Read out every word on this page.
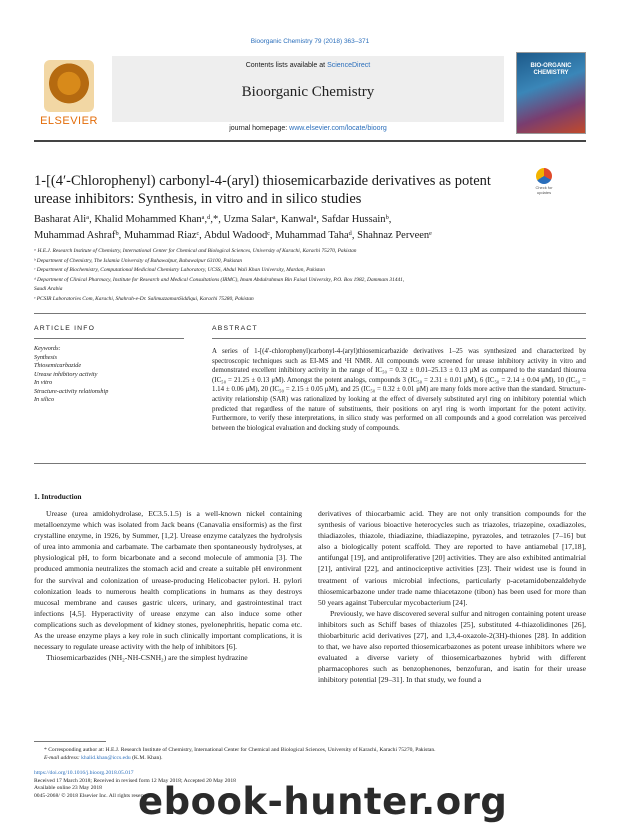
Bioorganic Chemistry 79 (2018) 363–371
ELSEVIER
Contents lists available at ScienceDirect
Bioorganic Chemistry
journal homepage: www.elsevier.com/locate/bioorg
BIO-ORGANIC CHEMISTRY
1-[(4′-Chlorophenyl) carbonyl-4-(aryl) thiosemicarbazide derivatives as potent urease inhibitors: Synthesis, in vitro and in silico studies
Check for updates
Basharat Aliᵃ, Khalid Mohammed Khanᵃ,ᵈ,*, Uzma Salarᵃ, Kanwalᵃ, Safdar Hussainᵇ,
Muhammad Ashrafᵇ, Muhammad Riazᶜ, Abdul Wadoodᶜ, Muhammad Tahaᵈ, Shahnaz Perveenᵉ
ᵃ H.E.J. Research Institute of Chemistry, International Center for Chemical and Biological Sciences, University of Karachi, Karachi 75270, Pakistan
ᵇ Department of Chemistry, The Islamia University of Bahawalpur, Bahawalpur 63100, Pakistan
ᶜ Department of Biochemistry, Computational Medicinal Chemistry Laboratory, UCSS, Abdul Wali Khan University, Mardan, Pakistan
ᵈ Department of Clinical Pharmacy, Institute for Research and Medical Consultations (IRMC), Imam Abdulrahman Bin Faisal University, P.O. Box 1982, Dammam 31441,
Saudi Arabia
ᵉ PCSIR Laboratories Com, Karachi, Shahrah-e-Dr. SalimuzzamanSiddiqui, Karachi 75280, Pakistan
ARTICLE INFO	ABSTRACT
Keywords:
Synthesis
Thiosemicarbazide
Urease inhibitory activity
In vitro
Structure-activity relationship
In silico
A series of 1-[(4′-chlorophenyl)carbonyl-4-(aryl)thiosemicarbazide derivatives 1–25 was synthesized and characterized by spectroscopic techniques such as EI-MS and ¹H NMR. All compounds were screened for urease inhibitory activity in vitro and demonstrated excellent inhibitory activity in the range of IC₅₀ = 0.32 ± 0.01–25.13 ± 0.13 μM as compared to the standard thiourea (IC₅₀ = 21.25 ± 0.13 μM). Amongst the potent analogs, compounds 3 (IC₅₀ = 2.31 ± 0.01 μM), 6 (IC₅₀ = 2.14 ± 0.04 μM), 10 (IC₅₀ = 1.14 ± 0.06 μM), 20 (IC₅₀ = 2.15 ± 0.05 μM), and 25 (IC₅₀ = 0.32 ± 0.01 μM) are many folds more active than the standard. Structure-activity relationship (SAR) was rationalized by looking at the effect of diversely substituted aryl ring on inhibitory potential which predicted that regardless of the nature of substituents, their positions on aryl ring is worth important for the potent activity. Furthermore, to verify these interpretations, in silico study was performed on all compounds and a good correlation was perceived between the biological evaluation and docking study of compounds.
1. Introduction

Urease (urea amidohydrolase, EC3.5.1.5) is a well-known nickel containing metalloenzyme which was isolated from Jack beans (Canavalia ensiformis) as the first crystalline enzyme, in 1926, by Summer, [1,2]. Urease enzyme catalyzes the hydrolysis of urea into ammonia and carbamate. The carbamate then spontaneously hydrolyses, at physiological pH, to form bicarbonate and a second molecule of ammonia [3]. The produced ammonia neutralizes the stomach acid and create a suitable pH environment for the survival and colonization of urease-producing Helicobacter pylori. H. pylori colonization leads to numerous health complications in humans as they destroys mucosal membrane and causes gastric ulcers, urinary, and gastrointestinal tract infections [4,5]. Hyperactivity of urease enzyme can also induce some other complications such as development of kidney stones, pyelonephritis, hepatic coma etc. As the urease enzyme plays a key role in such clinically important complications, it is necessary to regulate urease activity with the help of inhibitors [6].

Thiosemicarbazides (NH₂-NH-CSNH₂) are the simplest hydrazine

derivatives of thiocarbamic acid. They are not only transition compounds for the synthesis of various bioactive heterocycles such as triazoles, triazepine, oxadiazoles, thiadiazoles, thiazole, thiadiazine, thiadiazepine, pyrazoles, and tetrazoles [7–16] but also a biologically potent scaffold. They are reported to have antiamebal [17,18], antifungal [19], and antiproliferative [20] activities. They are also exhibited antimalrial [21], antiviral [22], and antinociceptive activities [23]. Their widest use is found in treatment of various microbial infections, particularly p-acetamidobenzaldehyde thiosemicarbazone under trade name thiacetazone (tibon) has been used for more than 50 years against Tubercular mycobacterium [24].

Previously, we have discovered several sulfur and nitrogen containing potent urease inhibitors such as Schiff bases of thiazoles [25], substituted 4-thiazolidinones [26], thiobarbituric acid derivatives [27], and 1,3,4-oxazole-2(3H)-thiones [28]. In addition to that, we have also reported thiosemicarbazones as potent urease inhibitors where we evaluated a diverse variety of thiosemicarbazones hybrid with different pharmacophores such as benzophenones, benzofuran, and isatin for their urease inhibitory potential [29–31]. In that study, we found a

* Corresponding author at: H.E.J. Research Institute of Chemistry, International Center for Chemical and Biological Sciences, University of Karachi, Karachi 75270, Pakistan.
E-mail address: khalid.khan@iccs.edu (K.M. Khan).
https://doi.org/10.1016/j.bioorg.2018.05.017
Received 17 March 2018; Received in revised form 12 May 2018; Accepted 20 May 2018
Available online 23 May 2018
0045-2068/ © 2018 Elsevier Inc. All rights reserved.
ebook-hunter.org
